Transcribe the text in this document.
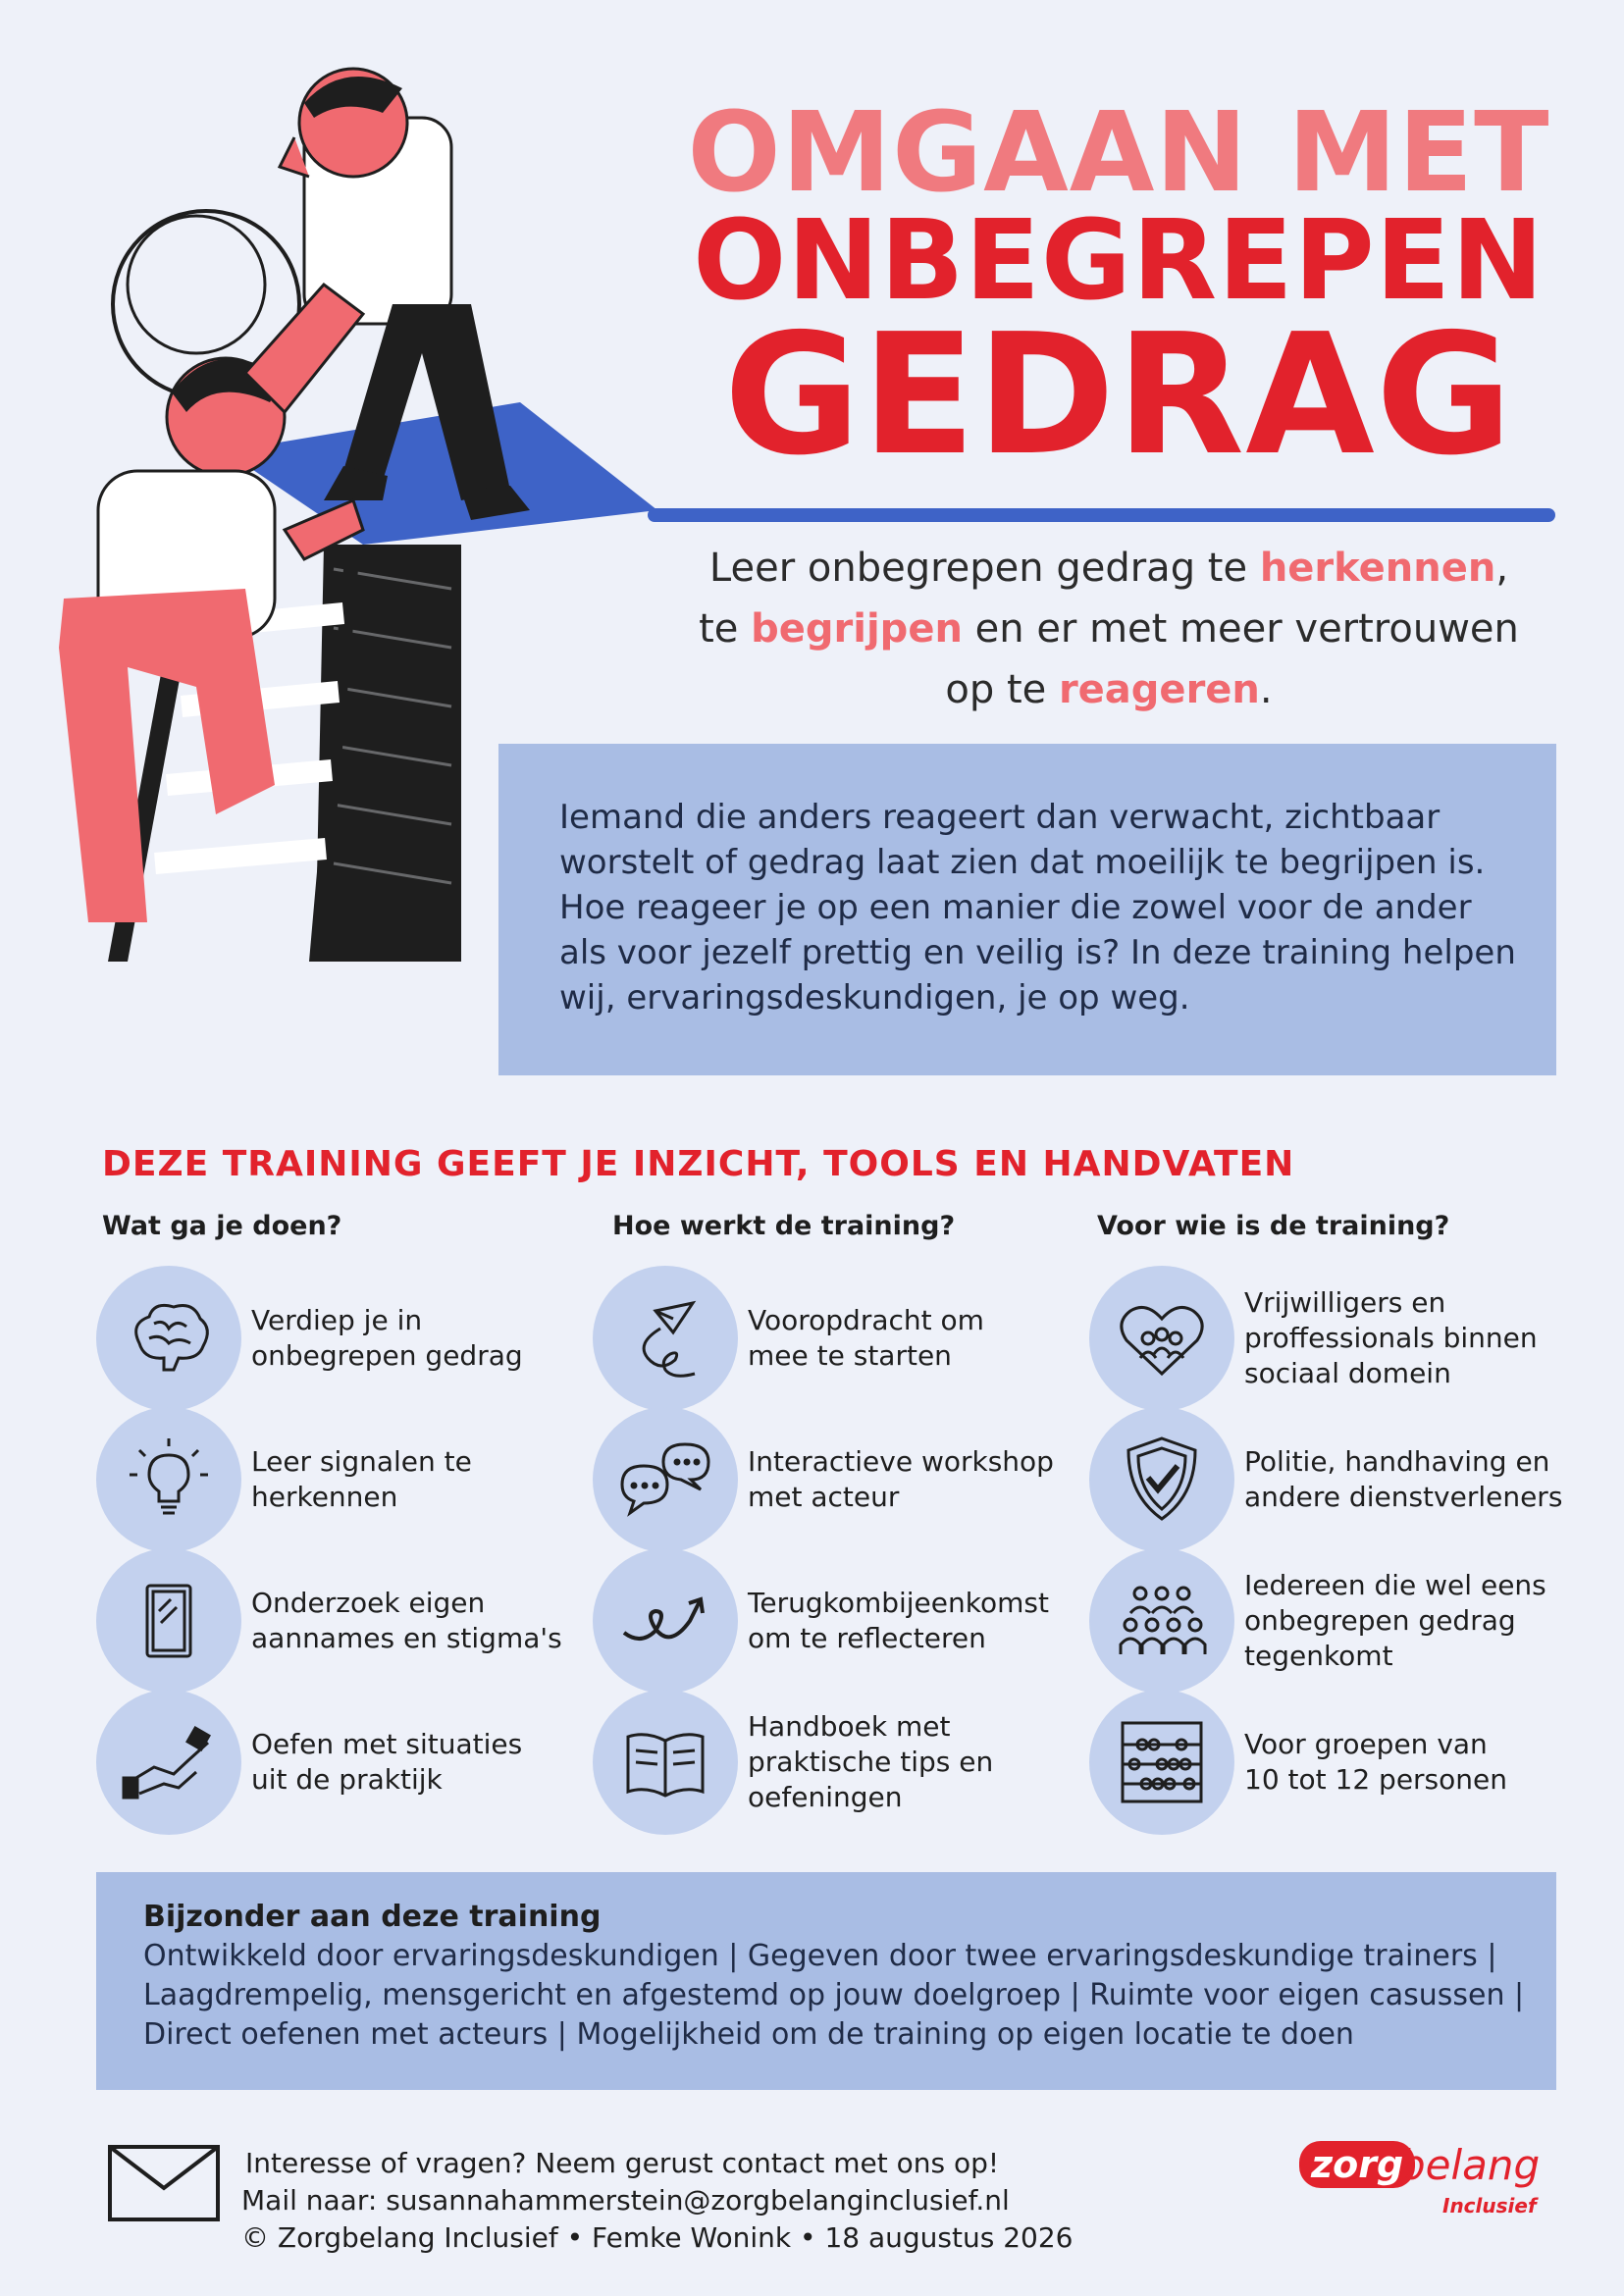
OMGAAN MET
ONBEGREPEN
GEDRAG
Leer onbegrepen gedrag te herkennen,
te begrijpen en er met meer vertrouwen
op te reageren.

Iemand die anders reageert dan verwacht, zichtbaar worstelt of gedrag laat zien dat moeilijk te begrijpen is. Hoe reageer je op een manier die zowel voor de ander als voor jezelf prettig en veilig is? In deze training helpen wij, ervaringsdeskundigen, je op weg.

DEZE TRAINING GEEFT JE INZICHT, TOOLS EN HANDVATEN
Wat ga je doen?	Hoe werkt de training?	Voor wie is de training?
Verdiep je in
onbegrepen gedrag
Leer signalen te
herkennen
Onderzoek eigen
aannames en stigma's
Oefen met situaties
uit de praktijk
Vooropdracht om
mee te starten
Interactieve workshop
met acteur
Terugkombijeenkomst
om te reflecteren
Handboek met
praktische tips en
oefeningen
Vrijwilligers en
proffessionals binnen
sociaal domein
Politie, handhaving en
andere dienstverleners
Iedereen die wel eens
onbegrepen gedrag
tegenkomt
Voor groepen van
10 tot 12 personen
Bijzonder aan deze training
Ontwikkeld door ervaringsdeskundigen | Gegeven door twee ervaringsdeskundige trainers |
Laagdrempelig, mensgericht en afgestemd op jouw doelgroep | Ruimte voor eigen casussen |
Direct oefenen met acteurs | Mogelijkheid om de training op eigen locatie te doen
Interesse of vragen? Neem gerust contact met ons op!
Mail naar: susannahammerstein@zorgbelanginclusief.nl
© Zorgbelang Inclusief • Femke Wonink • 18 augustus 2026
zorg
belang
Inclusief
